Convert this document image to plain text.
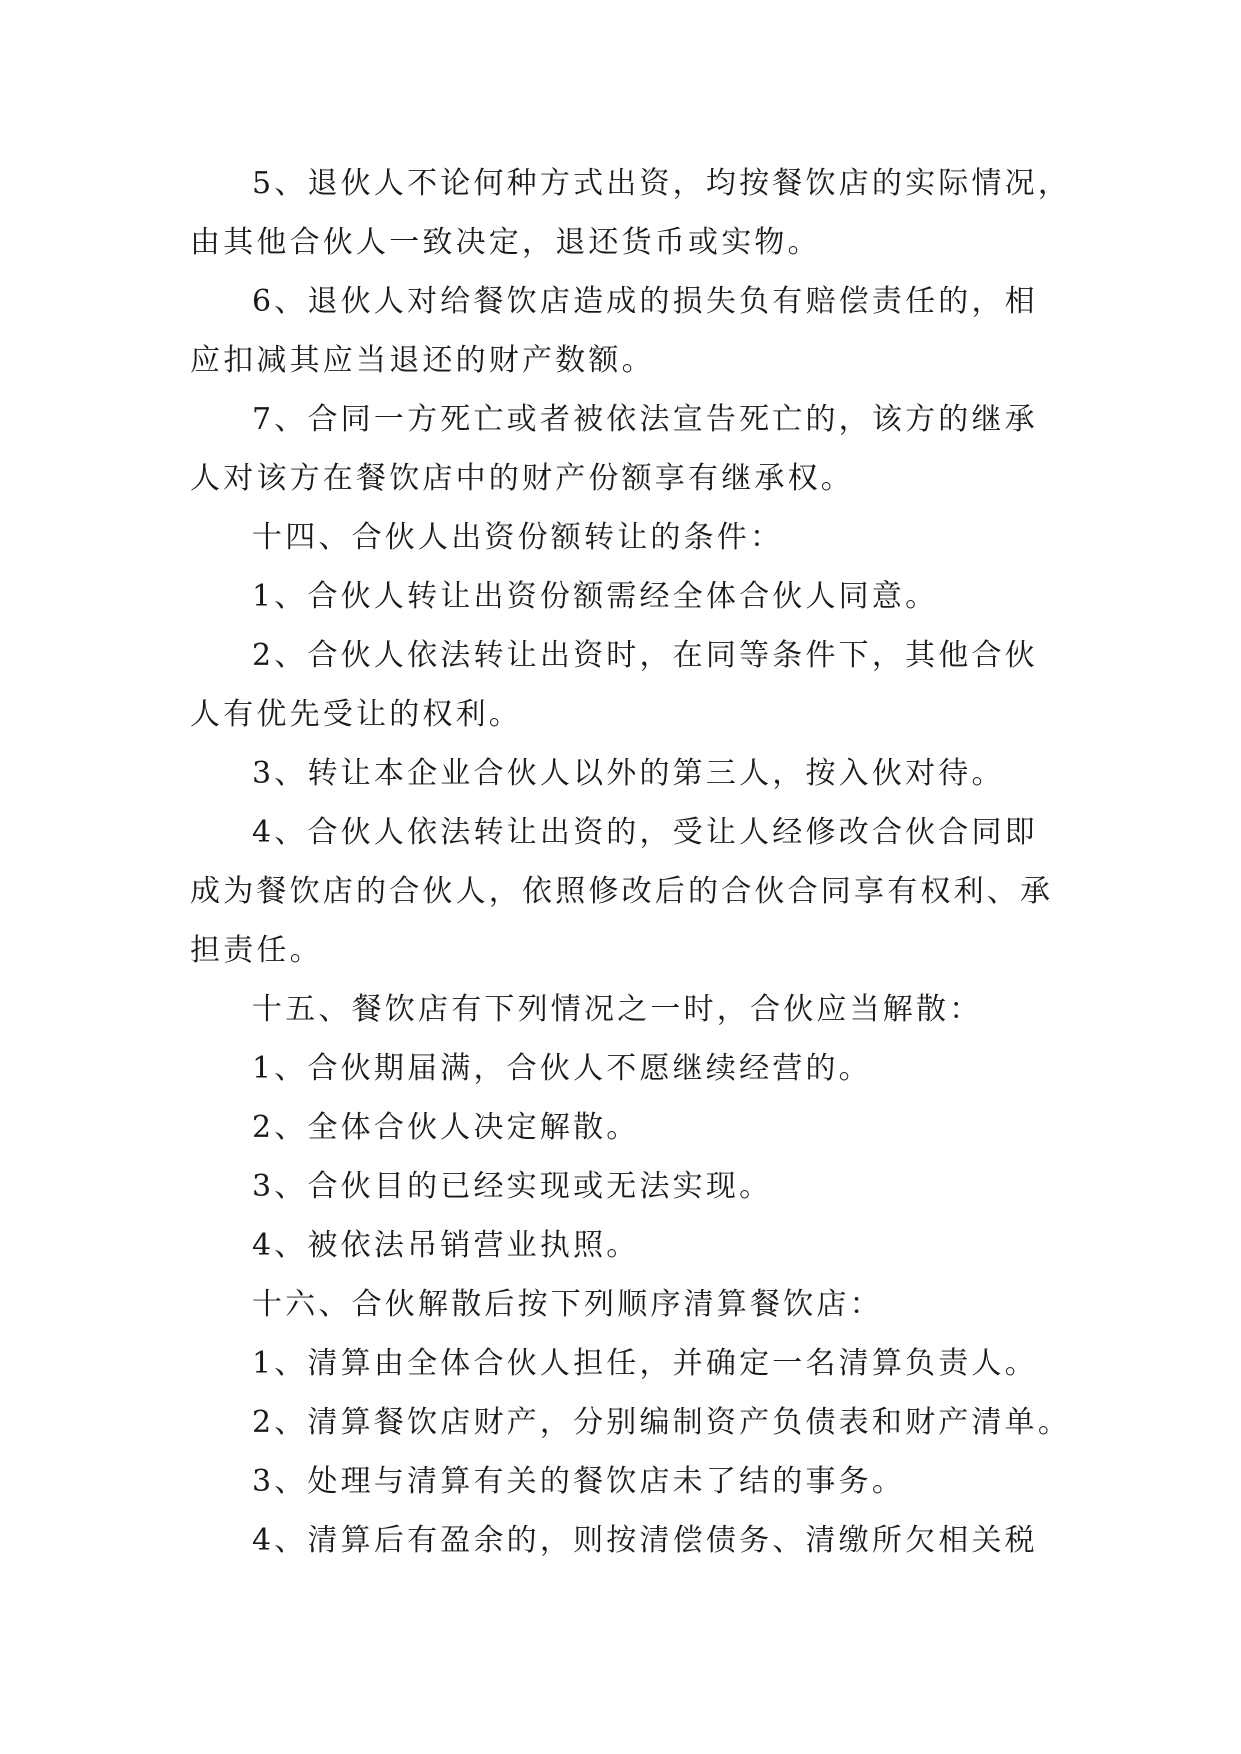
5、退伙人不论何种方式出资，均按餐饮店的实际情况，
由其他合伙人一致决定，退还货币或实物。

6、退伙人对给餐饮店造成的损失负有赔偿责任的，相
应扣减其应当退还的财产数额。

7、合同一方死亡或者被依法宣告死亡的，该方的继承
人对该方在餐饮店中的财产份额享有继承权。

十四、合伙人出资份额转让的条件：

1、合伙人转让出资份额需经全体合伙人同意。

2、合伙人依法转让出资时，在同等条件下，其他合伙
人有优先受让的权利。

3、转让本企业合伙人以外的第三人，按入伙对待。

4、合伙人依法转让出资的，受让人经修改合伙合同即
成为餐饮店的合伙人，依照修改后的合伙合同享有权利、承
担责任。

十五、餐饮店有下列情况之一时，合伙应当解散：

1、合伙期届满，合伙人不愿继续经营的。

2、全体合伙人决定解散。

3、合伙目的已经实现或无法实现。

4、被依法吊销营业执照。

十六、合伙解散后按下列顺序清算餐饮店：

1、清算由全体合伙人担任，并确定一名清算负责人。

2、清算餐饮店财产，分别编制资产负债表和财产清单。

3、处理与清算有关的餐饮店未了结的事务。

4、清算后有盈余的，则按清偿债务、清缴所欠相关税
